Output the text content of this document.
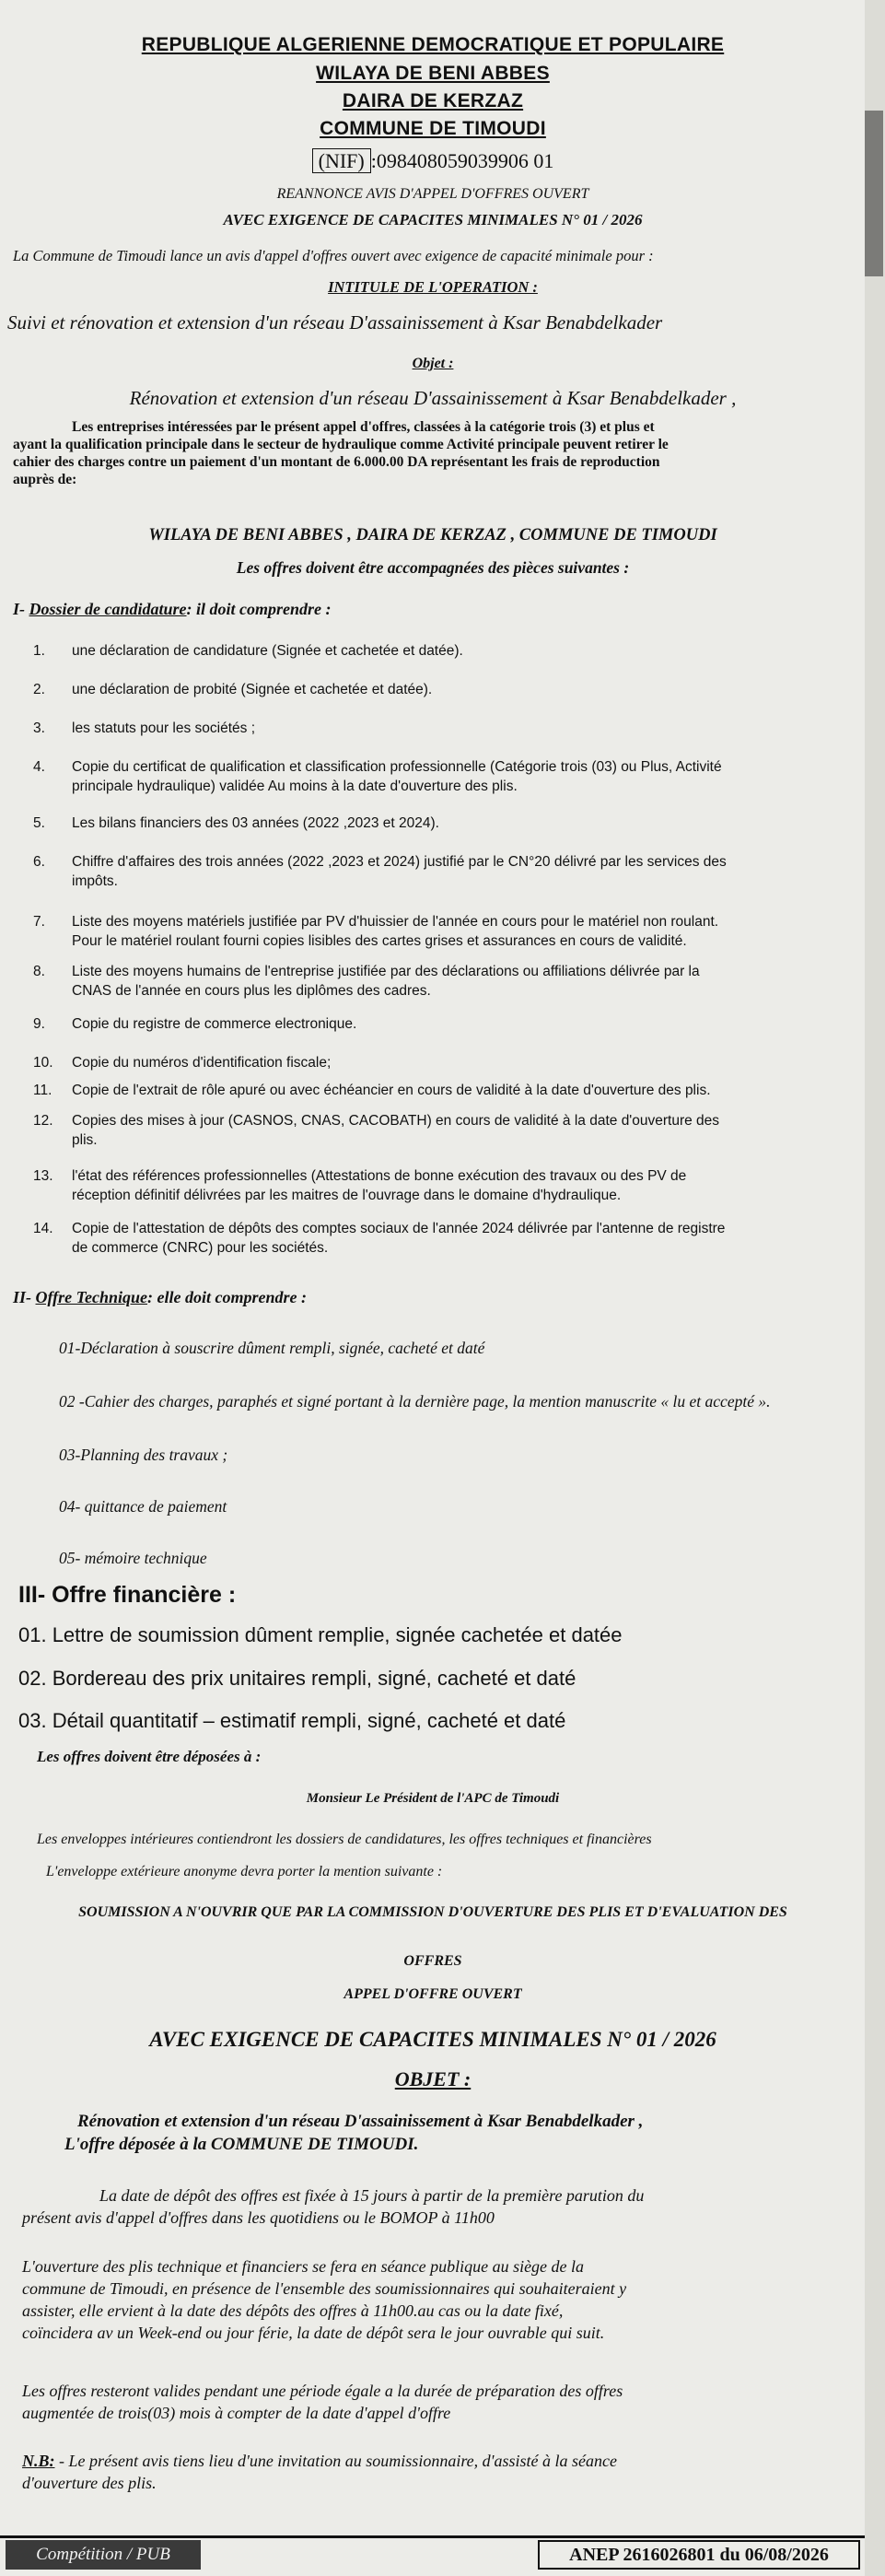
REPUBLIQUE ALGERIENNE DEMOCRATIQUE ET POPULAIRE
WILAYA DE BENI ABBES
DAIRA DE KERZAZ
COMMUNE DE TIMOUDI
(NIF) :098408059039906 01
REANNONCE AVIS D'APPEL D'OFFRES OUVERT
AVEC EXIGENCE DE CAPACITES MINIMALES N° 01 / 2026
La Commune de Timoudi lance un avis d'appel d'offres ouvert avec exigence de capacité minimale pour :
INTITULE DE L'OPERATION :
Suivi et rénovation et extension d'un réseau D'assainissement à Ksar Benabdelkader
Objet :
Rénovation et extension d'un réseau D'assainissement à Ksar Benabdelkader ,
Les entreprises intéressées par le présent appel d'offres, classées à la catégorie trois (3) et plus et
ayant la qualification principale dans le secteur de hydraulique comme Activité principale peuvent retirer le
cahier des charges contre un paiement d'un montant de 6.000.00 DA représentant les frais de reproduction
auprès de:
WILAYA DE BENI ABBES , DAIRA DE KERZAZ , COMMUNE DE TIMOUDI
Les offres doivent être accompagnées des pièces suivantes :
I- Dossier de candidature: il doit comprendre :
1.	une déclaration de candidature (Signée et cachetée et datée).
2.	une déclaration de probité (Signée et cachetée et datée).
3.	les statuts pour les sociétés ;
4.	Copie du certificat de qualification et classification professionnelle (Catégorie trois (03) ou Plus, Activité
principale hydraulique) validée Au moins à la date d'ouverture des plis.
5.	Les bilans financiers des 03 années (2022 ,2023 et 2024).
6.	Chiffre d'affaires des trois années (2022 ,2023 et 2024) justifié par le CN°20 délivré par les services des
impôts.
7.	Liste des moyens matériels justifiée par PV d'huissier de l'année en cours pour le matériel non roulant.
Pour le matériel roulant fourni copies lisibles des cartes grises et assurances en cours de validité.
8.	Liste des moyens humains de l'entreprise justifiée par des déclarations ou affiliations délivrée par la
CNAS de l'année en cours plus les diplômes des cadres.
9.	Copie du registre de commerce electronique.
10.	Copie du numéros d'identification fiscale;
11.	Copie de l'extrait de rôle apuré ou avec échéancier en cours de validité à la date d'ouverture des plis.
12.	Copies des mises à jour (CASNOS, CNAS, CACOBATH) en cours de validité à la date d'ouverture des
plis.
13.	l'état des références professionnelles (Attestations de bonne exécution des travaux ou des PV de
réception définitif délivrées par les maitres de l'ouvrage dans le domaine d'hydraulique.
14.	Copie de l'attestation de dépôts des comptes sociaux de l'année 2024 délivrée par l'antenne de registre
de commerce (CNRC) pour les sociétés.
II- Offre Technique: elle doit comprendre :
01-Déclaration à souscrire dûment rempli, signée, cacheté et daté
02 -Cahier des charges, paraphés et signé portant à la dernière page, la mention manuscrite « lu et accepté ».
03-Planning des travaux ;
04- quittance de paiement
05- mémoire technique
III- Offre financière :
01. Lettre de soumission dûment remplie, signée cachetée et datée
02. Bordereau des prix unitaires rempli, signé, cacheté et daté
03. Détail quantitatif – estimatif rempli, signé, cacheté et daté
Les offres doivent être déposées à :
Monsieur Le Président de l'APC de Timoudi
Les enveloppes intérieures contiendront les dossiers de candidatures, les offres techniques et financières
L'enveloppe extérieure anonyme devra porter la mention suivante :
SOUMISSION A N'OUVRIR QUE PAR LA COMMISSION D'OUVERTURE DES PLIS ET D'EVALUATION DES
OFFRES
APPEL D'OFFRE OUVERT
AVEC EXIGENCE DE CAPACITES MINIMALES N° 01 / 2026
OBJET :
Rénovation et extension d'un réseau D'assainissement à Ksar Benabdelkader ,
L'offre déposée à la COMMUNE DE TIMOUDI.
La date de dépôt des offres est fixée à 15 jours à partir de la première parution du
présent avis d'appel d'offres dans les quotidiens ou le BOMOP à 11h00
L'ouverture des plis technique et financiers se fera en séance publique au siège de la
commune de Timoudi, en présence de l'ensemble des soumissionnaires qui souhaiteraient y
assister, elle ervient à la date des dépôts des offres à 11h00.au cas ou la date fixé,
coïncidera av un Week-end ou jour férie, la date de dépôt sera le jour ouvrable qui suit.
Les offres resteront valides pendant une période égale a la durée de préparation des offres
augmentée de trois(03) mois à compter de la date d'appel d'offre
N.B: - Le présent avis tiens lieu d'une invitation au soumissionnaire, d'assisté à la séance
d'ouverture des plis.
Compétition / PUB	ANEP 2616026801 du 06/08/2026
